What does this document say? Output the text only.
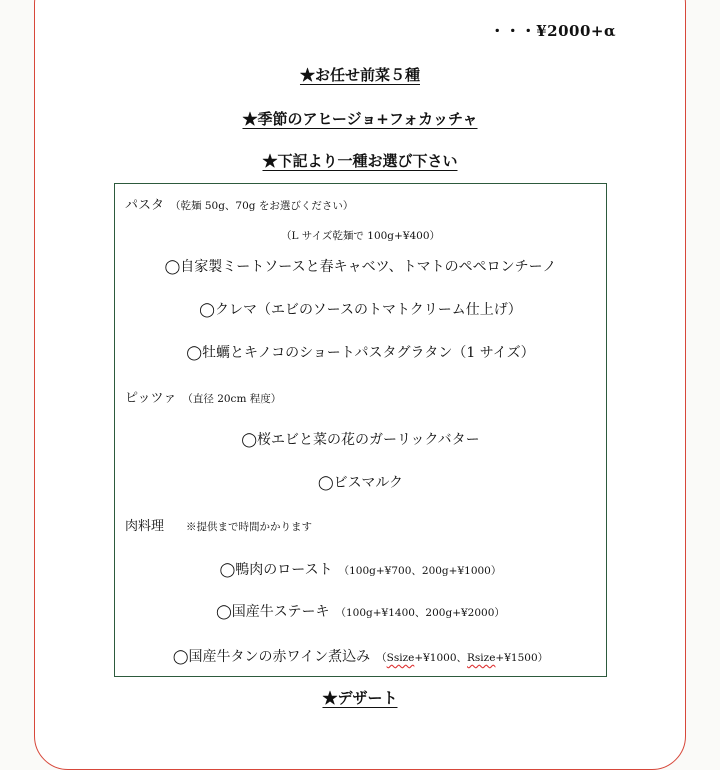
・・・¥2000+α
★お任せ前菜５種
★季節のアヒージョ+フォカッチャ
★下記より一種お選び下さい
パスタ （乾麺 50g、70g をお選びください）
（L サイズ乾麺で 100g+¥400）
◯自家製ミートソースと春キャベツ、トマトのペペロンチーノ
◯クレマ（エビのソースのトマトクリーム仕上げ）
◯牡蠣とキノコのショートパスタグラタン（1 サイズ）
ピッツァ （直径 20cm 程度）
◯桜エビと菜の花のガーリックバター
◯ビスマルク
肉料理 ※提供まで時間かかります
◯鴨肉のロースト （100g+¥700、200g+¥1000）
◯国産牛ステーキ （100g+¥1400、200g+¥2000）
◯国産牛タンの赤ワイン煮込み （Ssize+¥1000、Rsize+¥1500）
★デザート
